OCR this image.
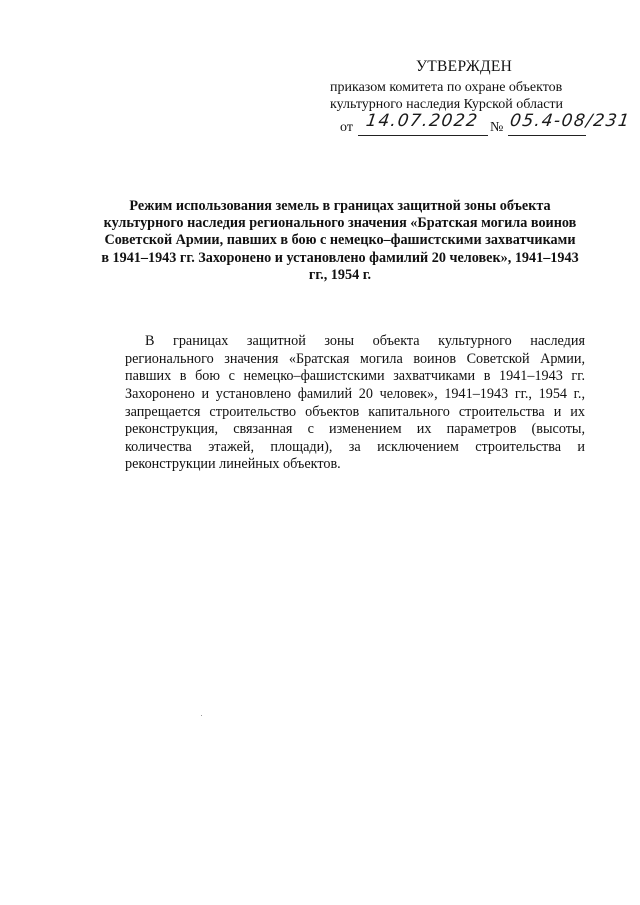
УТВЕРЖДЕН
приказом комитета по охране объектов
культурного наследия Курской области
от 14.07.2022 № 05.4-08/231
Режим использования земель в границах защитной зоны объекта культурного наследия регионального значения «Братская могила воинов Советской Армии, павших в бою с немецко–фашистскими захватчиками в 1941–1943 гг. Захоронено и установлено фамилий 20 человек», 1941–1943 гг., 1954 г.

В границах защитной зоны объекта культурного наследия регионального значения «Братская могила воинов Советской Армии, павших в бою с немецко–фашистскими захватчиками в 1941–1943 гг. Захоронено и установлено фамилий 20 человек», 1941–1943 гг., 1954 г., запрещается строительство объектов капитального строительства и их реконструкция, связанная с изменением их параметров (высоты, количества этажей, площади), за исключением строительства и реконструкции линейных объектов.
